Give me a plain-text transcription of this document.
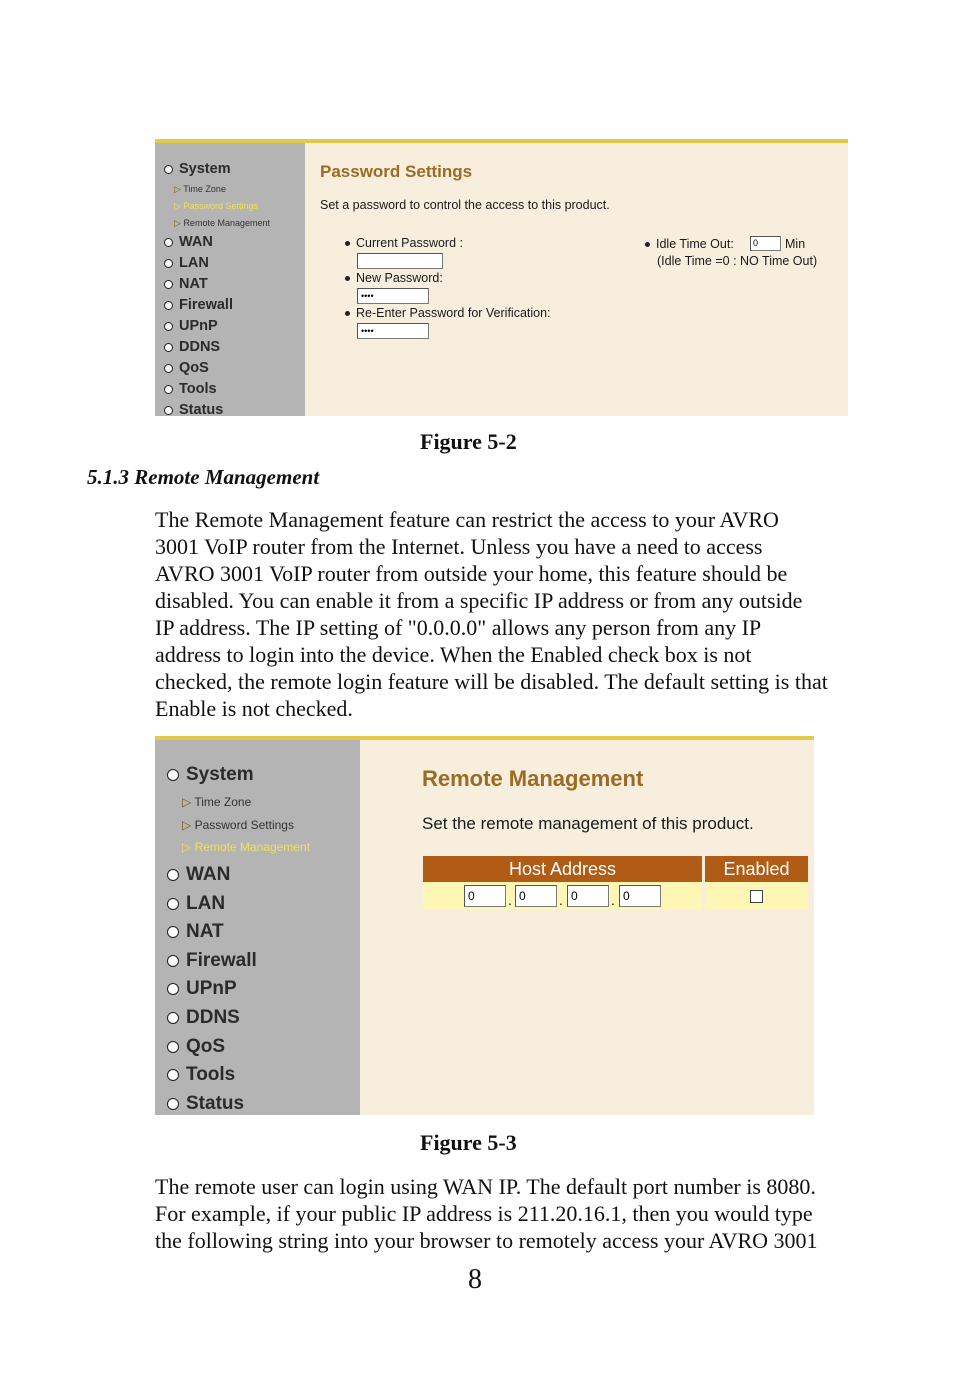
System
▷ Time Zone
▷ Password Settings
▷ Remote Management
WAN
LAN
NAT
Firewall
UPnP
DDNS
QoS
Tools
Status
Password Settings
Set a password to control the access to this product.
Current Password :
New Password:
••••
Re-Enter Password for Verification:
••••
Idle Time Out:	0	Min
(Idle Time =0 : NO Time Out)
Figure 5-2
5.1.3 Remote Management
The Remote Management feature can restrict the access to your AVRO
3001 VoIP router from the Internet. Unless you have a need to access
AVRO 3001 VoIP router from outside your home, this feature should be
disabled. You can enable it from a specific IP address or from any outside
IP address. The IP setting of "0.0.0.0" allows any person from any IP
address to login into the device. When the Enabled check box is not
checked, the remote login feature will be disabled. The default setting is that
Enable is not checked.
System
▷ Time Zone
▷ Password Settings
▷ Remote Management
WAN
LAN
NAT
Firewall
UPnP
DDNS
QoS
Tools
Status
Remote Management
Set the remote management of this product.
Host Address	Enabled
0	. 0	. 0	. 0
Figure 5-3
The remote user can login using WAN IP. The default port number is 8080.
For example, if your public IP address is 211.20.16.1, then you would type
the following string into your browser to remotely access your AVRO 3001
8
